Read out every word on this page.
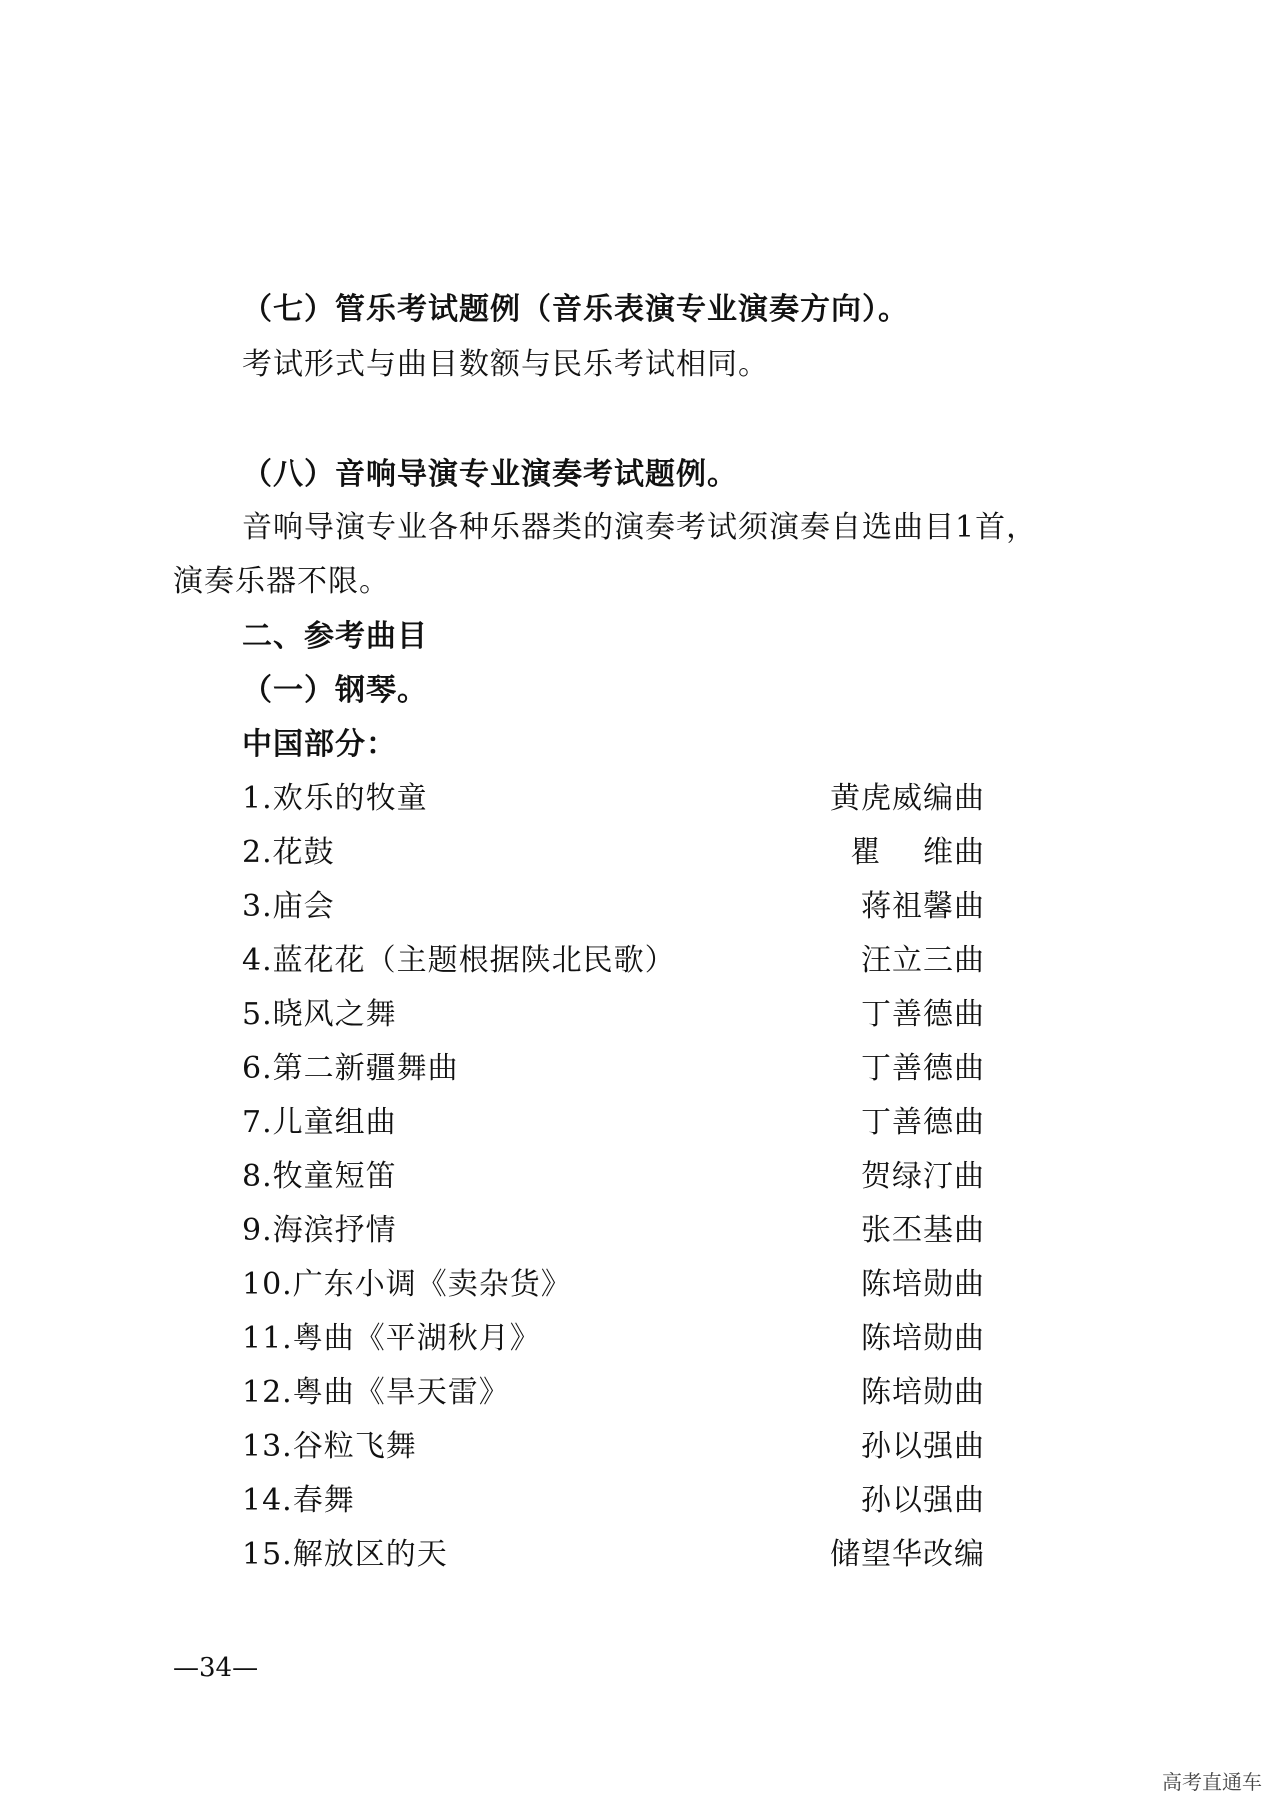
（七）管乐考试题例（音乐表演专业演奏方向）。
考试形式与曲目数额与民乐考试相同。
（八）音响导演专业演奏考试题例。
音响导演专业各种乐器类的演奏考试须演奏自选曲目1首，
演奏乐器不限。
二、参考曲目
（一）钢琴。
中国部分：
1.欢乐的牧童	黄虎威编曲
2.花鼓	瞿　 维曲
3.庙会	蒋祖馨曲
4.蓝花花（主题根据陕北民歌）	汪立三曲
5.晓风之舞	丁善德曲
6.第二新疆舞曲	丁善德曲
7.儿童组曲	丁善德曲
8.牧童短笛	贺绿汀曲
9.海滨抒情	张丕基曲
10.广东小调《卖杂货》	陈培勋曲
11.粤曲《平湖秋月》	陈培勋曲
12.粤曲《旱天雷》	陈培勋曲
13.谷粒飞舞	孙以强曲
14.春舞	孙以强曲
15.解放区的天	储望华改编
—34—
高考直通车
